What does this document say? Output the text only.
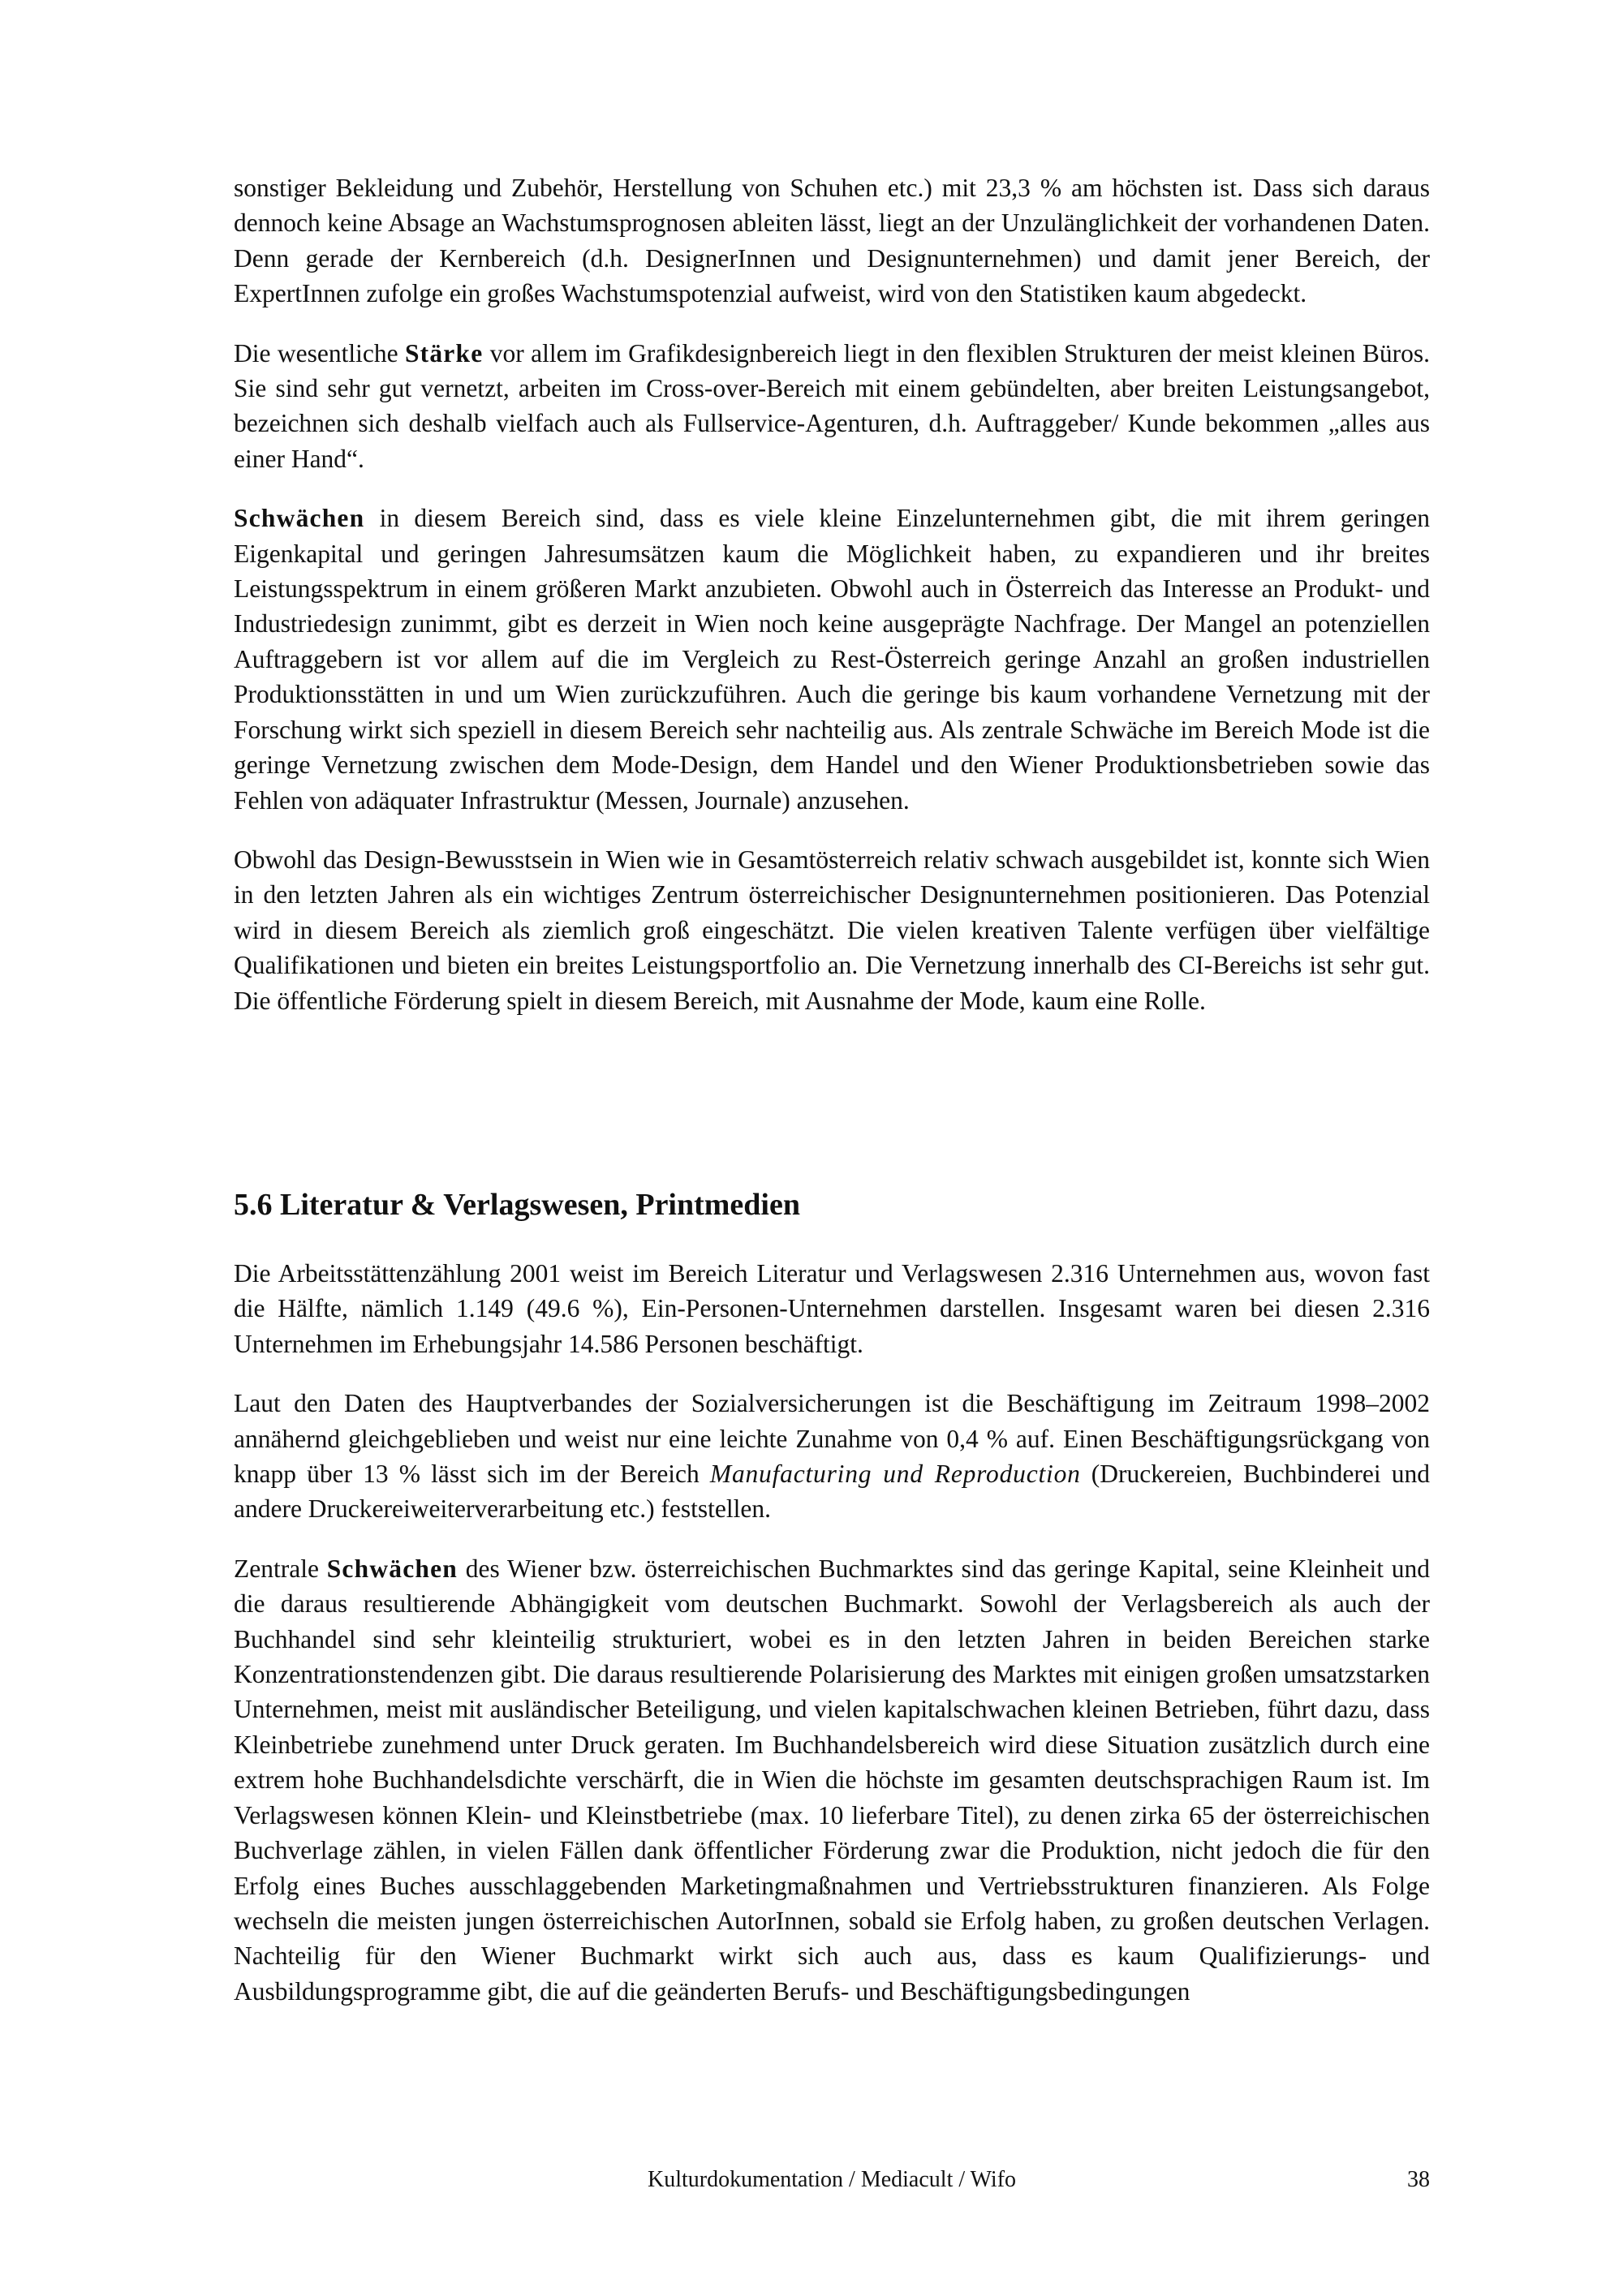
sonstiger Bekleidung und Zubehör, Herstellung von Schuhen etc.) mit 23,3 % am höchsten ist. Dass sich daraus dennoch keine Absage an Wachstumsprognosen ableiten lässt, liegt an der Unzulänglichkeit der vorhandenen Daten. Denn gerade der Kernbereich (d.h. DesignerInnen und Designunternehmen) und damit jener Bereich, der ExpertInnen zufolge ein großes Wachstumspotenzial aufweist, wird von den Statistiken kaum abgedeckt.

Die wesentliche Stärke vor allem im Grafikdesignbereich liegt in den flexiblen Strukturen der meist kleinen Büros. Sie sind sehr gut vernetzt, arbeiten im Cross-over-Bereich mit einem gebündelten, aber breiten Leistungsangebot, bezeichnen sich deshalb vielfach auch als Fullservice-Agenturen, d.h. Auftraggeber/ Kunde bekommen „alles aus einer Hand“.

Schwächen in diesem Bereich sind, dass es viele kleine Einzelunternehmen gibt, die mit ihrem geringen Eigenkapital und geringen Jahresumsätzen kaum die Möglichkeit haben, zu expandieren und ihr breites Leistungsspektrum in einem größeren Markt anzubieten. Obwohl auch in Österreich das Interesse an Produkt- und Industriedesign zunimmt, gibt es derzeit in Wien noch keine ausgeprägte Nachfrage. Der Mangel an potenziellen Auftraggebern ist vor allem auf die im Vergleich zu Rest-Österreich geringe Anzahl an großen industriellen Produktionsstätten in und um Wien zurückzuführen. Auch die geringe bis kaum vorhandene Vernetzung mit der Forschung wirkt sich speziell in diesem Bereich sehr nachteilig aus. Als zentrale Schwäche im Bereich Mode ist die geringe Vernetzung zwischen dem Mode-Design, dem Handel und den Wiener Produktionsbetrieben sowie das Fehlen von adäquater Infrastruktur (Messen, Journale) anzusehen.

Obwohl das Design-Bewusstsein in Wien wie in Gesamtösterreich relativ schwach ausgebildet ist, konnte sich Wien in den letzten Jahren als ein wichtiges Zentrum österreichischer Designunternehmen positionieren. Das Potenzial wird in diesem Bereich als ziemlich groß eingeschätzt. Die vielen kreativen Talente verfügen über vielfältige Qualifikationen und bieten ein breites Leistungsportfolio an. Die Vernetzung innerhalb des CI-Bereichs ist sehr gut. Die öffentliche Förderung spielt in diesem Bereich, mit Ausnahme der Mode, kaum eine Rolle.

5.6 Literatur & Verlagswesen, Printmedien

Die Arbeitsstättenzählung 2001 weist im Bereich Literatur und Verlagswesen 2.316 Unternehmen aus, wovon fast die Hälfte, nämlich 1.149 (49.6 %), Ein-Personen-Unternehmen darstellen. Insgesamt waren bei diesen 2.316 Unternehmen im Erhebungsjahr 14.586 Personen beschäftigt.

Laut den Daten des Hauptverbandes der Sozialversicherungen ist die Beschäftigung im Zeitraum 1998–2002 annähernd gleichgeblieben und weist nur eine leichte Zunahme von 0,4 % auf. Einen Beschäftigungsrückgang von knapp über 13 % lässt sich im der Bereich Manufacturing und Reproduction (Druckereien, Buchbinderei und andere Druckereiweiterverarbeitung etc.) feststellen.

Zentrale Schwächen des Wiener bzw. österreichischen Buchmarktes sind das geringe Kapital, seine Kleinheit und die daraus resultierende Abhängigkeit vom deutschen Buchmarkt. Sowohl der Verlagsbereich als auch der Buchhandel sind sehr kleinteilig strukturiert, wobei es in den letzten Jahren in beiden Bereichen starke Konzentrationstendenzen gibt. Die daraus resultierende Polarisierung des Marktes mit einigen großen umsatzstarken Unternehmen, meist mit ausländischer Beteiligung, und vielen kapitalschwachen kleinen Betrieben, führt dazu, dass Kleinbetriebe zunehmend unter Druck geraten. Im Buchhandelsbereich wird diese Situation zusätzlich durch eine extrem hohe Buchhandelsdichte verschärft, die in Wien die höchste im gesamten deutschsprachigen Raum ist. Im Verlagswesen können Klein- und Kleinstbetriebe (max. 10 lieferbare Titel), zu denen zirka 65 der österreichischen Buchverlage zählen, in vielen Fällen dank öffentlicher Förderung zwar die Produktion, nicht jedoch die für den Erfolg eines Buches ausschlaggebenden Marketingmaßnahmen und Vertriebsstrukturen finanzieren. Als Folge wechseln die meisten jungen österreichischen AutorInnen, sobald sie Erfolg haben, zu großen deutschen Verlagen. Nachteilig für den Wiener Buchmarkt wirkt sich auch aus, dass es kaum Qualifizierungs- und Ausbildungsprogramme gibt, die auf die geänderten Berufs- und Beschäftigungsbedingungen

Kulturdokumentation / Mediacult / Wifo	38
